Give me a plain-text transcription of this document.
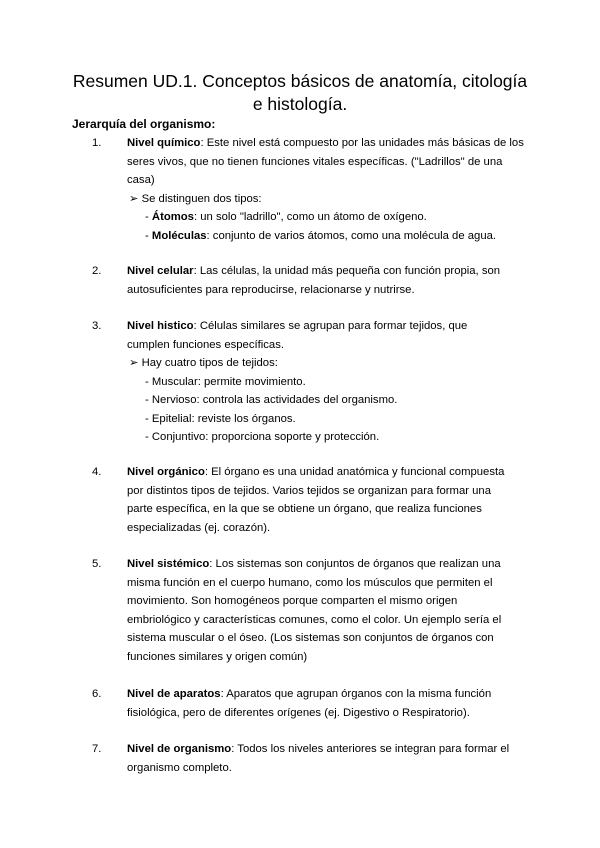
Resumen UD.1. Conceptos básicos de anatomía, citología
e histología.
Jerarquía del organismo:
1.	Nivel químico: Este nivel está compuesto por las unidades más básicas de los
seres vivos, que no tienen funciones vitales específicas. ("Ladrillos" de una
casa)
➢ Se distinguen dos tipos:
- Átomos: un solo "ladrillo", como un átomo de oxígeno.
- Moléculas: conjunto de varios átomos, como una molécula de agua.
2.	Nivel celular: Las células, la unidad más pequeña con función propia, son
autosuficientes para reproducirse, relacionarse y nutrirse.
3.	Nivel histico: Células similares se agrupan para formar tejidos, que
cumplen funciones específicas.
➢ Hay cuatro tipos de tejidos:
- Muscular: permite movimiento.
- Nervioso: controla las actividades del organismo.
- Epitelial: reviste los órganos.
- Conjuntivo: proporciona soporte y protección.
4.	Nivel orgánico: El órgano es una unidad anatómica y funcional compuesta
por distintos tipos de tejidos. Varios tejidos se organizan para formar una
parte específica, en la que se obtiene un órgano, que realiza funciones
especializadas (ej. corazón).
5.	Nivel sistémico: Los sistemas son conjuntos de órganos que realizan una
misma función en el cuerpo humano, como los músculos que permiten el
movimiento. Son homogéneos porque comparten el mismo origen
embriológico y características comunes, como el color. Un ejemplo sería el
sistema muscular o el óseo. (Los sistemas son conjuntos de órganos con
funciones similares y origen común)
6.	Nivel de aparatos: Aparatos que agrupan órganos con la misma función
fisiológica, pero de diferentes orígenes (ej. Digestivo o Respiratorio).
7.	Nivel de organismo: Todos los niveles anteriores se integran para formar el
organismo completo.
